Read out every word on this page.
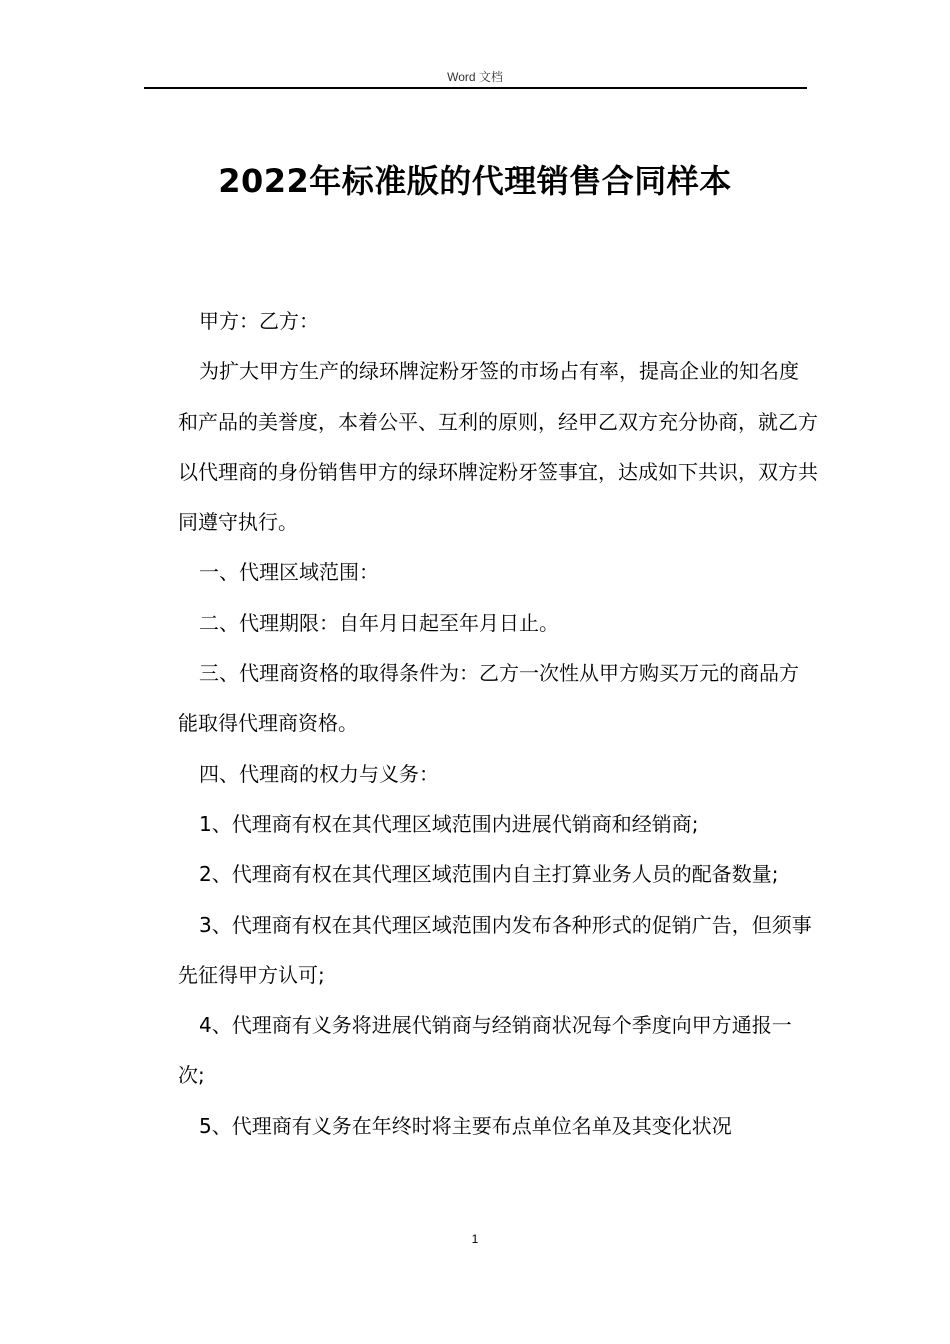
Word 文档
2022年标准版的代理销售合同样本

甲方：乙方：

为扩大甲方生产的绿环牌淀粉牙签的市场占有率，提高企业的知名度和产品的美誉度，本着公平、互利的原则，经甲乙双方充分协商，就乙方以代理商的身份销售甲方的绿环牌淀粉牙签事宜，达成如下共识，双方共同遵守执行。

一、代理区域范围：

二、代理期限：自年月日起至年月日止。

三、代理商资格的取得条件为：乙方一次性从甲方购买万元的商品方能取得代理商资格。

四、代理商的权力与义务：

1、代理商有权在其代理区域范围内进展代销商和经销商;

2、代理商有权在其代理区域范围内自主打算业务人员的配备数量;

3、代理商有权在其代理区域范围内发布各种形式的促销广告，但须事先征得甲方认可;

4、代理商有义务将进展代销商与经销商状况每个季度向甲方通报一次;

5、代理商有义务在年终时将主要布点单位名单及其变化状况

1
